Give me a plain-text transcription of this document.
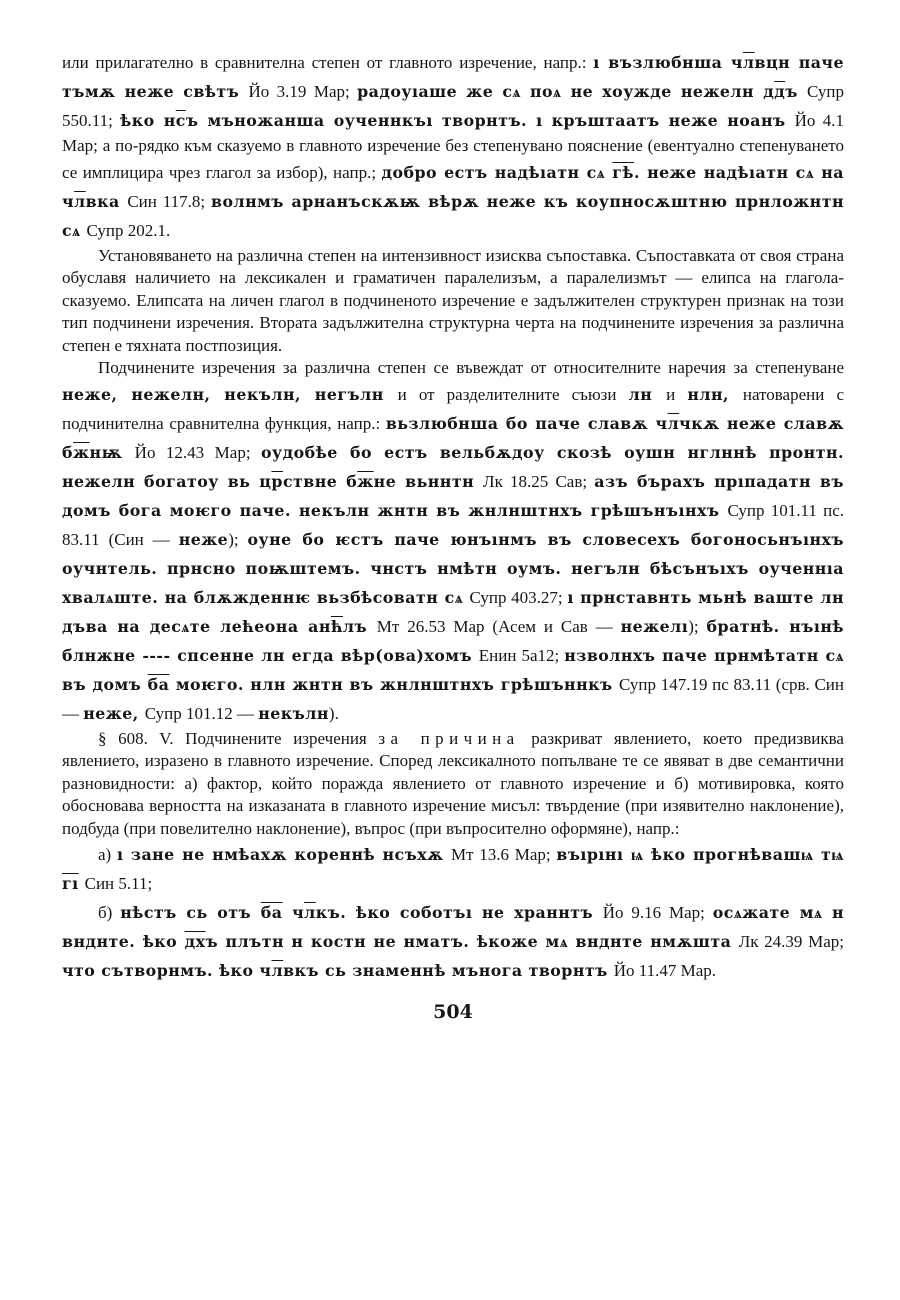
или прилагателно в сравнителна степен от главното изречение, напр.: ı възлюбнша члвцн паче тъмѫ неже свѣтъ Йо 3.19 Мар; радоуıаше же сѧ поѧ не хоужде нежелн ддъ Супр 550.11; ѣко нсъ мъножанша оученнкъı творнтъ. ı кръштаатъ неже ноанъ Йо 4.1 Мар; а по-рядко към сказуемо в главното изречение без степенувано пояснение (евентуално степенуването се имплицира чрез глагол за избор), напр.; добро естъ надѣıатн сѧ гѣ. неже надѣıатн сѧ на члвка Син 117.8; волнмъ арнанъскѫѭ вѣрѫ неже къ коупносѫштню прнложнтн сѧ Супр 202.1.

Установяването на различна степен на интензивност изисква съпоставка. Съпоставката от своя страна обуславя наличието на лексикален и граматичен паралелизъм, а паралелизмът — елипса на глагола-сказуемо. Елипсата на личен глагол в подчиненото изречение е задължителен структурен признак на този тип подчинени изречения. Втората задължителна структурна черта на подчинените изречения за различна степен е тяхната постпозиция.

Подчинените изречения за различна степен се въвеждат от относителните наречия за степенуване неже, нежелн, некълн, негълн и от разделителните съюзи лн и нлн, натоварени с подчинителна сравнителна функция, напр.: вьзлюбнша бо паче славѫ члчкѫ неже славѫ бжнѭ Йо 12.43 Мар; оудобѣе бо естъ вельбѫдоу скозѣ оушн нглннѣ пронтн. нежелн богатоу вь црствне бжне вьннтн Лк 18.25 Сав; азъ бърахъ прıпадатн въ домъ бога моѥго паче. некълн жнтн въ жнлнштнхъ грѣшънъıнхъ Супр 101.11 пс. 83.11 (Син — неже); оуне бо ѥстъ паче юнъıнмъ въ словесехъ богоносьнъıнхъ оучнтель. прнсно поѭштемъ. чнстъ нмѣтн оумъ. негълн бѣсънъıхъ оученнıа хвалѧште. на блѫжденнѥ вьзбѣсоватн сѧ Супр 403.27; ı прнставнть мьнѣ ваште лн дъва на десѧте лећеона анћлъ Мт 26.53 Мар (Асем и Сав — нежелı); братнѣ. нъıнѣ блнжне ---- спсенне лн егда вѣр(ова)хомъ Енин 5а12; нзволнхъ паче прнмѣтатн сѧ въ домъ ба моѥго. нлн жнтн въ жнлнштнхъ грѣшъннкъ Супр 147.19 пс 83.11 (срв. Син — неже, Супр 101.12 — некълн).

§ 608. V. Подчинените изречения за причина разкриват явлението, което предизвиква явлението, изразено в главното изречение. Според лексикалното попълване те се явяват в две семантични разновидности: а) фактор, който поражда явлението от главното изречение и б) мотивировка, която обосновава верността на изказаната в главното изречение мисъл: твърдение (при изявително наклонение), подбуда (при повелително наклонение), въпрос (при въпросително оформяне), напр.:

а) ı зане не нмѣахѫ кореннѣ нсъхѫ Мт 13.6 Мар; въıрıнı ѩ ѣко прогнѣвашѩ тѩ гı Син 5.11;

б) нѣстъ сь отъ ба члкъ. ѣко соботъı не храннтъ Йо 9.16 Мар; осѧжате мѧ н внднте. ѣко дхъ плътн н костн не нматъ. ѣкоже мѧ внднте нмѫшта Лк 24.39 Мар; что сътворнмъ. ѣко члвкъ сь знаменнѣ мънога творнтъ Йо 11.47 Мар.

504
